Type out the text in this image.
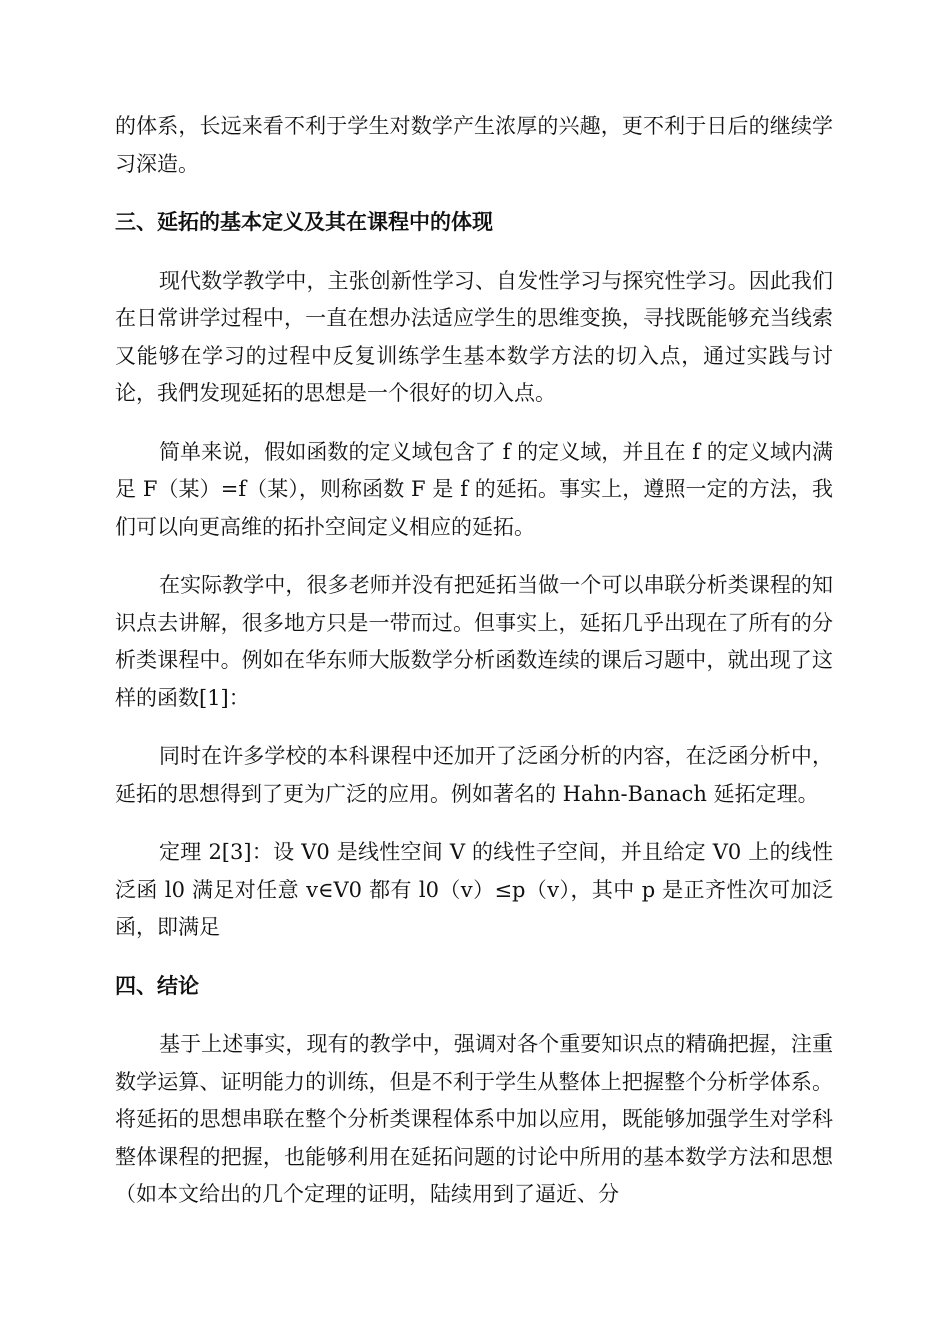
的体系，长远来看不利于学生对数学产生浓厚的兴趣，更不利于日后的继续学习深造。

三、延拓的基本定义及其在课程中的体现

现代数学教学中，主张创新性学习、自发性学习与探究性学习。因此我们在日常讲学过程中，一直在想办法适应学生的思维变换，寻找既能够充当线索又能够在学习的过程中反复训练学生基本数学方法的切入点，通过实践与讨论，我們发现延拓的思想是一个很好的切入点。

简单来说，假如函数的定义域包含了 f 的定义域，并且在 f 的定义域内满足 F（某）=f（某），则称函数 F 是 f 的延拓。事实上，遵照一定的方法，我们可以向更高维的拓扑空间定义相应的延拓。

在实际教学中，很多老师并没有把延拓当做一个可以串联分析类课程的知识点去讲解，很多地方只是一带而过。但事实上，延拓几乎出现在了所有的分析类课程中。例如在华东师大版数学分析函数连续的课后习题中，就出现了这样的函数[1]：

同时在许多学校的本科课程中还加开了泛函分析的内容，在泛函分析中，延拓的思想得到了更为广泛的应用。例如著名的 Hahn-Banach 延拓定理。

定理 2[3]：设 V0 是线性空间 V 的线性子空间，并且给定 V0 上的线性泛函 l0 满足对任意 v∈V0 都有 l0（v）≤p（v），其中 p 是正齐性次可加泛函，即满足

四、结论

基于上述事实，现有的教学中，强调对各个重要知识点的精确把握，注重数学运算、证明能力的训练，但是不利于学生从整体上把握整个分析学体系。将延拓的思想串联在整个分析类课程体系中加以应用，既能够加强学生对学科整体课程的把握，也能够利用在延拓问题的讨论中所用的基本数学方法和思想（如本文给出的几个定理的证明，陆续用到了逼近、分
